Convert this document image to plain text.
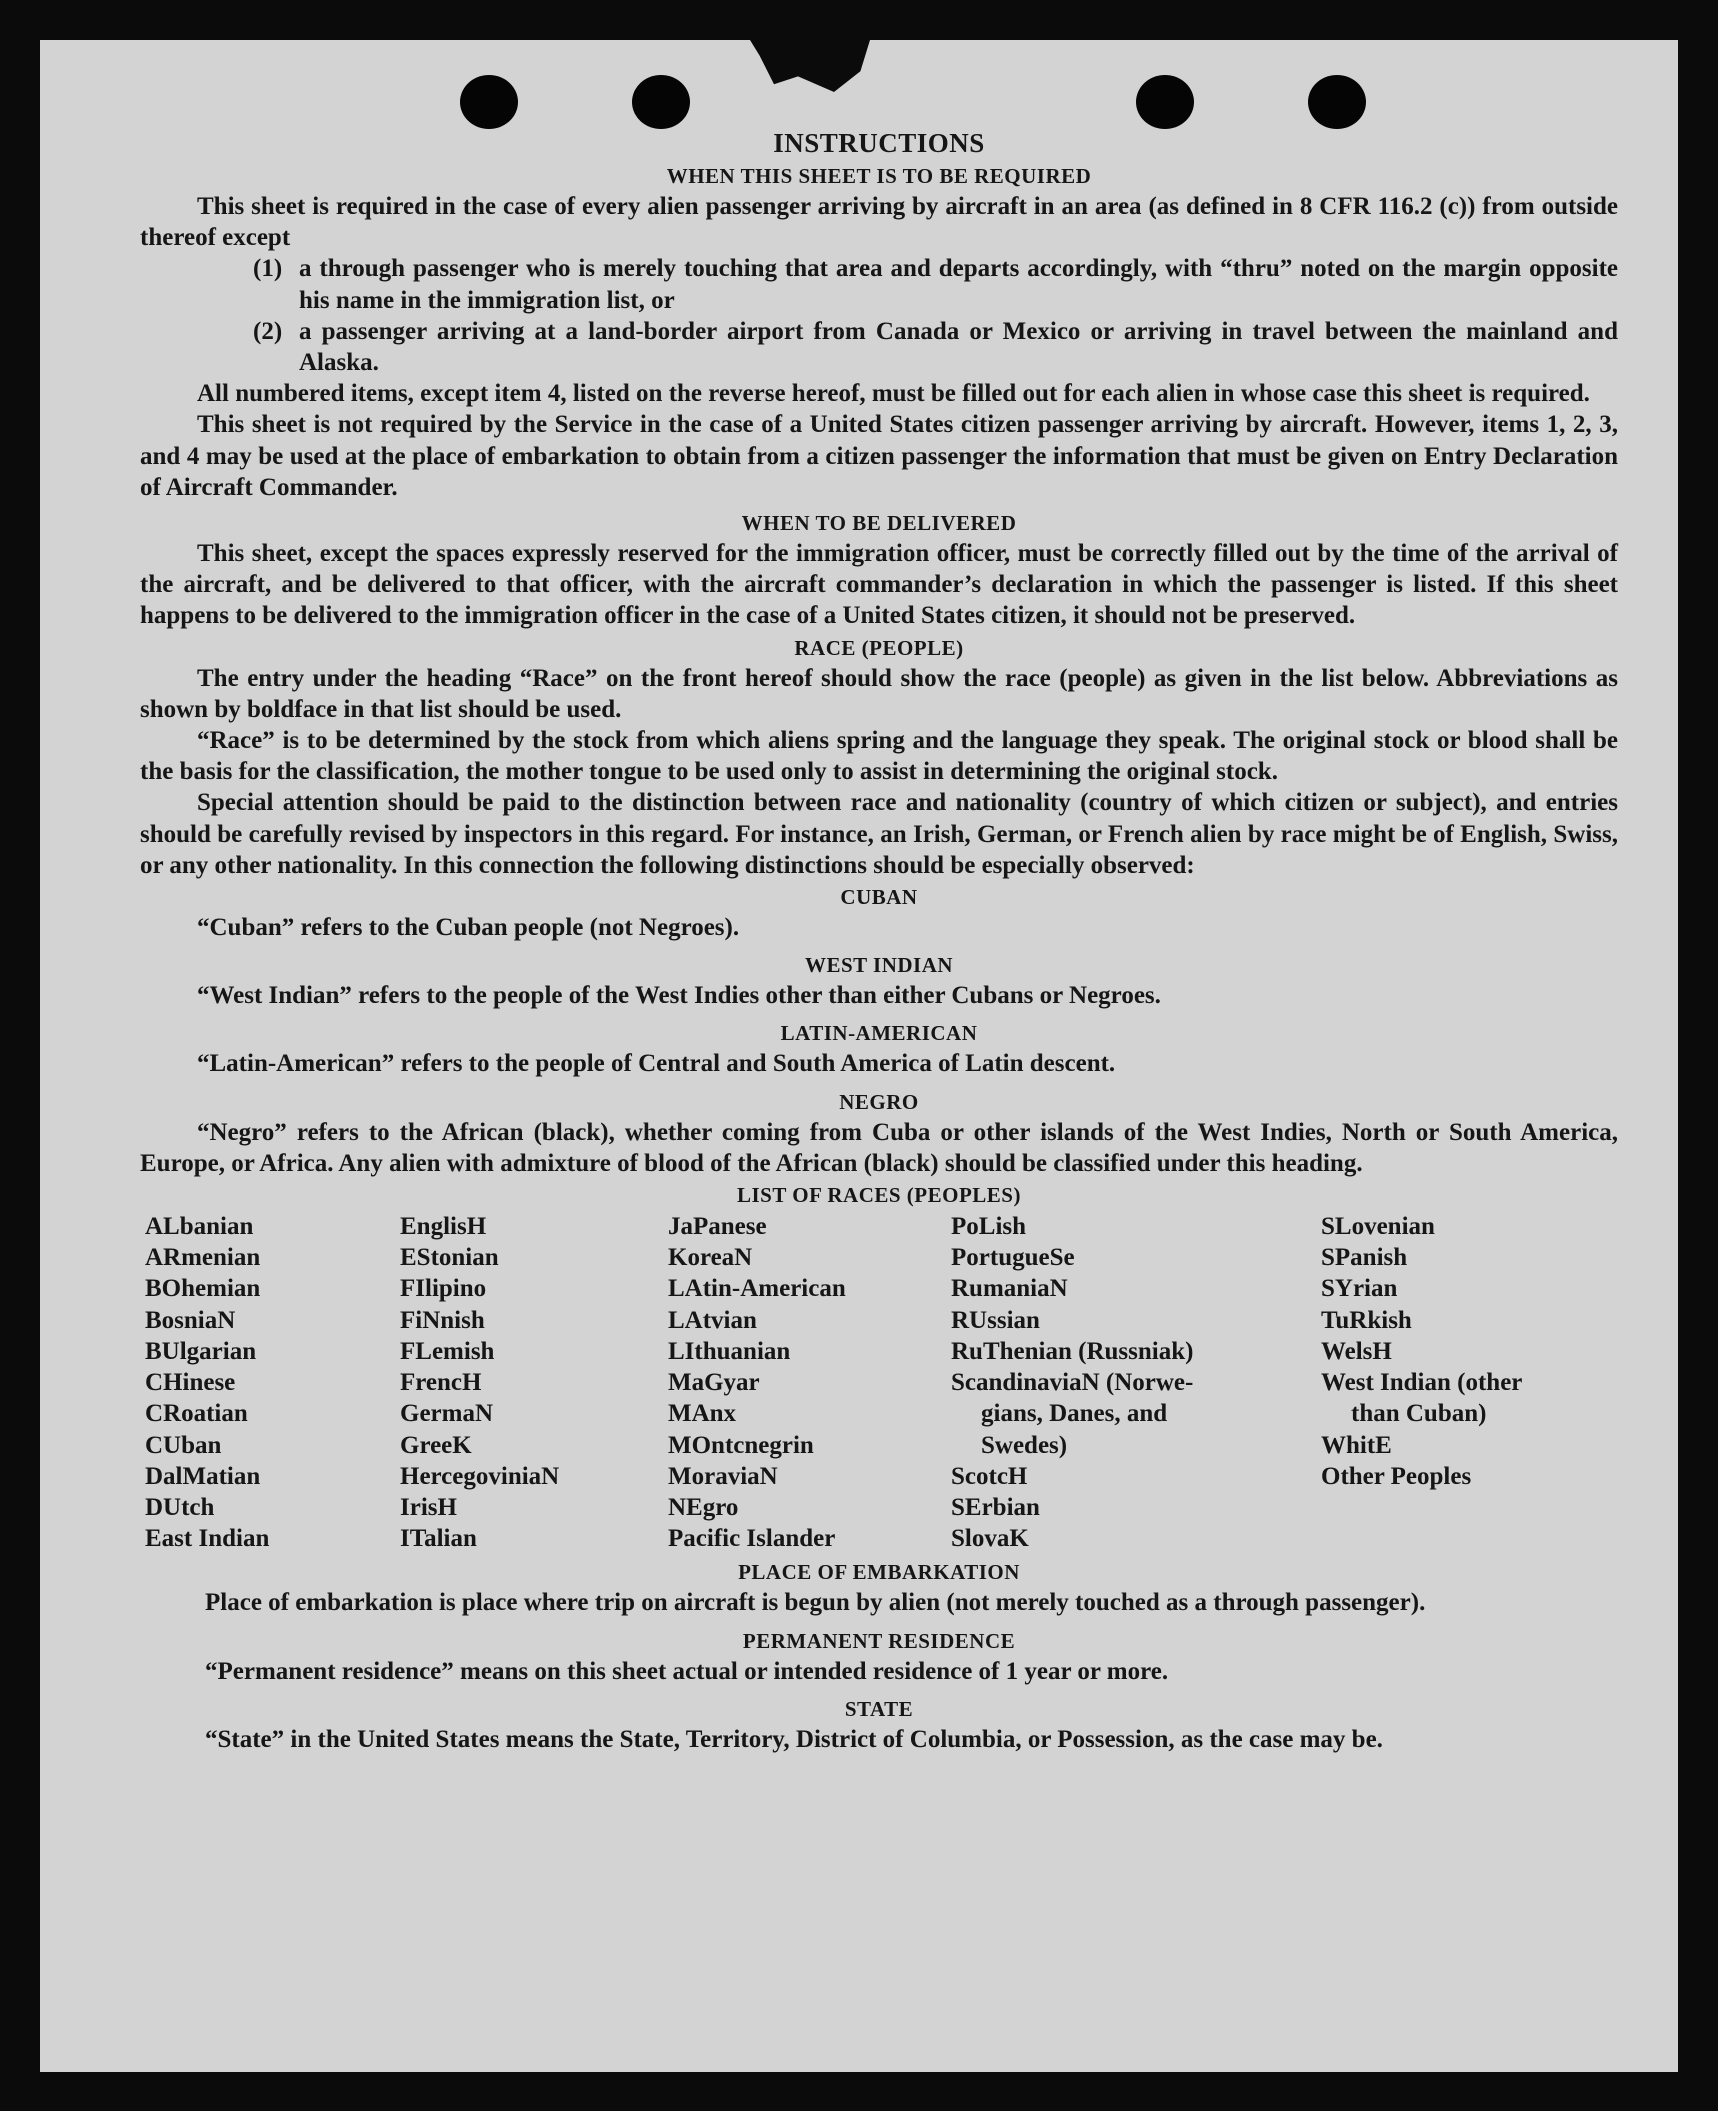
INSTRUCTIONS
WHEN THIS SHEET IS TO BE REQUIRED

This sheet is required in the case of every alien passenger arriving by aircraft in an area (as defined in 8 CFR 116.2 (c)) from outside thereof except

(1) a through passenger who is merely touching that area and departs accordingly, with “thru” noted on the margin opposite his name in the immigration list, or
(2) a passenger arriving at a land-border airport from Canada or Mexico or arriving in travel between the mainland and Alaska.

All numbered items, except item 4, listed on the reverse hereof, must be filled out for each alien in whose case this sheet is required.

This sheet is not required by the Service in the case of a United States citizen passenger arriving by aircraft. However, items 1, 2, 3, and 4 may be used at the place of embarkation to obtain from a citizen passenger the information that must be given on Entry Declaration of Aircraft Commander.

WHEN TO BE DELIVERED

This sheet, except the spaces expressly reserved for the immigration officer, must be correctly filled out by the time of the arrival of the aircraft, and be delivered to that officer, with the aircraft commander’s declaration in which the passenger is listed. If this sheet happens to be delivered to the immigration officer in the case of a United States citizen, it should not be preserved.

RACE (PEOPLE)

The entry under the heading “Race” on the front hereof should show the race (people) as given in the list below. Abbreviations as shown by boldface in that list should be used.

“Race” is to be determined by the stock from which aliens spring and the language they speak. The original stock or blood shall be the basis for the classification, the mother tongue to be used only to assist in determining the original stock.

Special attention should be paid to the distinction between race and nationality (country of which citizen or subject), and entries should be carefully revised by inspectors in this regard. For instance, an Irish, German, or French alien by race might be of English, Swiss, or any other nationality. In this connection the following distinctions should be especially observed:

CUBAN

“Cuban” refers to the Cuban people (not Negroes).

WEST INDIAN

“West Indian” refers to the people of the West Indies other than either Cubans or Negroes.

LATIN-AMERICAN

“Latin-American” refers to the people of Central and South America of Latin descent.

NEGRO

“Negro” refers to the African (black), whether coming from Cuba or other islands of the West Indies, North or South America, Europe, or Africa. Any alien with admixture of blood of the African (black) should be classified under this heading.

LIST OF RACES (PEOPLES)
ALbanian
ARmenian
BOhemian
BosniaN
BUlgarian
CHinese
CRoatian
CUban
DalMatian
DUtch
East Indian
EnglisH
EStonian
FIlipino
FiNnish
FLemish
FrencH
GermaN
GreeK
HercegoviniaN
IrisH
ITalian
JaPanese
KoreaN
LAtin-American
LAtvian
LIthuanian
MaGyar
MAnx
MOntcnegrin
MoraviaN
NEgro
Pacific Islander
PoLish
PortugueSe
RumaniaN
RUssian
RuThenian (Russniak)
ScandinaviaN (Norwe-
gians, Danes, and
Swedes)
ScotcH
SErbian
SlovaK
SLovenian
SPanish
SYrian
TuRkish
WelsH
West Indian (other
than Cuban)
WhitE
Other Peoples
PLACE OF EMBARKATION

Place of embarkation is place where trip on aircraft is begun by alien (not merely touched as a through passenger).

PERMANENT RESIDENCE

“Permanent residence” means on this sheet actual or intended residence of 1 year or more.

STATE

“State” in the United States means the State, Territory, District of Columbia, or Possession, as the case may be.
